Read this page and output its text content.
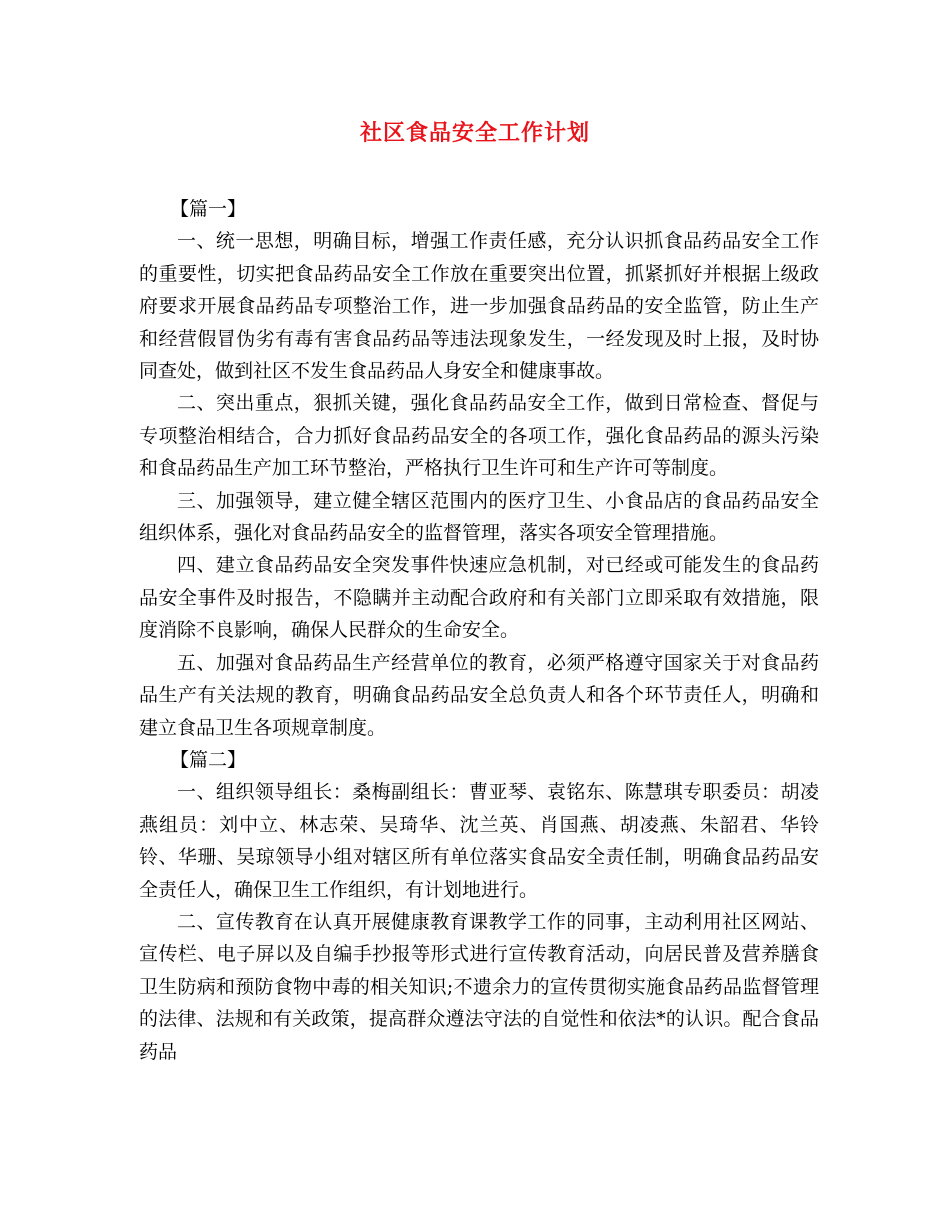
社区食品安全工作计划

【篇一】

一、统一思想，明确目标，增强工作责任感，充分认识抓食品药品安全工作的重要性，切实把食品药品安全工作放在重要突出位置，抓紧抓好并根据上级政府要求开展食品药品专项整治工作，进一步加强食品药品的安全监管，防止生产和经营假冒伪劣有毒有害食品药品等违法现象发生，一经发现及时上报，及时协同查处，做到社区不发生食品药品人身安全和健康事故。

二、突出重点，狠抓关键，强化食品药品安全工作，做到日常检查、督促与专项整治相结合，合力抓好食品药品安全的各项工作，强化食品药品的源头污染和食品药品生产加工环节整治，严格执行卫生许可和生产许可等制度。

三、加强领导，建立健全辖区范围内的医疗卫生、小食品店的食品药品安全组织体系，强化对食品药品安全的监督管理，落实各项安全管理措施。

四、建立食品药品安全突发事件快速应急机制，对已经或可能发生的食品药品安全事件及时报告，不隐瞒并主动配合政府和有关部门立即采取有效措施，限度消除不良影响，确保人民群众的生命安全。

五、加强对食品药品生产经营单位的教育，必须严格遵守国家关于对食品药品生产有关法规的教育，明确食品药品安全总负责人和各个环节责任人，明确和建立食品卫生各项规章制度。

【篇二】

一、组织领导组长：桑梅副组长：曹亚琴、袁铭东、陈慧琪专职委员：胡凌燕组员：刘中立、林志荣、吴琦华、沈兰英、肖国燕、胡凌燕、朱韶君、华铃铃、华珊、吴琼领导小组对辖区所有单位落实食品安全责任制，明确食品药品安全责任人，确保卫生工作组织，有计划地进行。

二、宣传教育在认真开展健康教育课教学工作的同事，主动利用社区网站、宣传栏、电子屏以及自编手抄报等形式进行宣传教育活动，向居民普及营养膳食卫生防病和预防食物中毒的相关知识;不遗余力的宣传贯彻实施食品药品监督管理的法律、法规和有关政策，提高群众遵法守法的自觉性和依法*的认识。配合食品药品
